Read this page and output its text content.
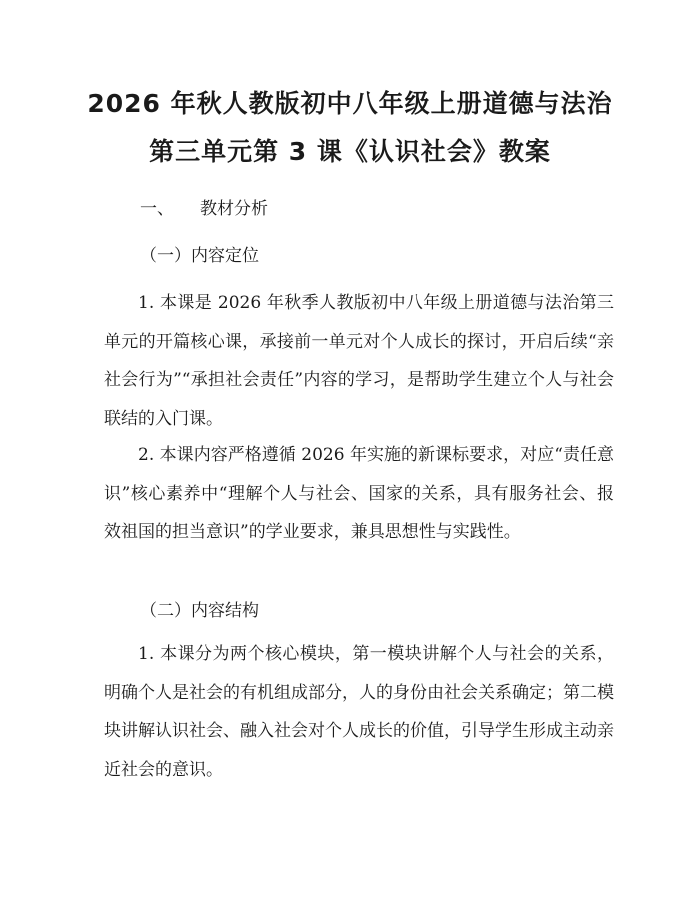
2026 年秋人教版初中八年级上册道德与法治
第三单元第 3 课《认识社会》教案
一、 教材分析
（一）内容定位

1. 本课是 2026 年秋季人教版初中八年级上册道德与法治第三单元的开篇核心课，承接前一单元对个人成长的探讨，开启后续“亲社会行为”“承担社会责任”内容的学习，是帮助学生建立个人与社会联结的入门课。

2. 本课内容严格遵循 2026 年实施的新课标要求，对应“责任意识”核心素养中“理解个人与社会、国家的关系，具有服务社会、报效祖国的担当意识”的学业要求，兼具思想性与实践性。

（二）内容结构

1. 本课分为两个核心模块，第一模块讲解个人与社会的关系，明确个人是社会的有机组成部分，人的身份由社会关系确定；第二模块讲解认识社会、融入社会对个人成长的价值，引导学生形成主动亲近社会的意识。
